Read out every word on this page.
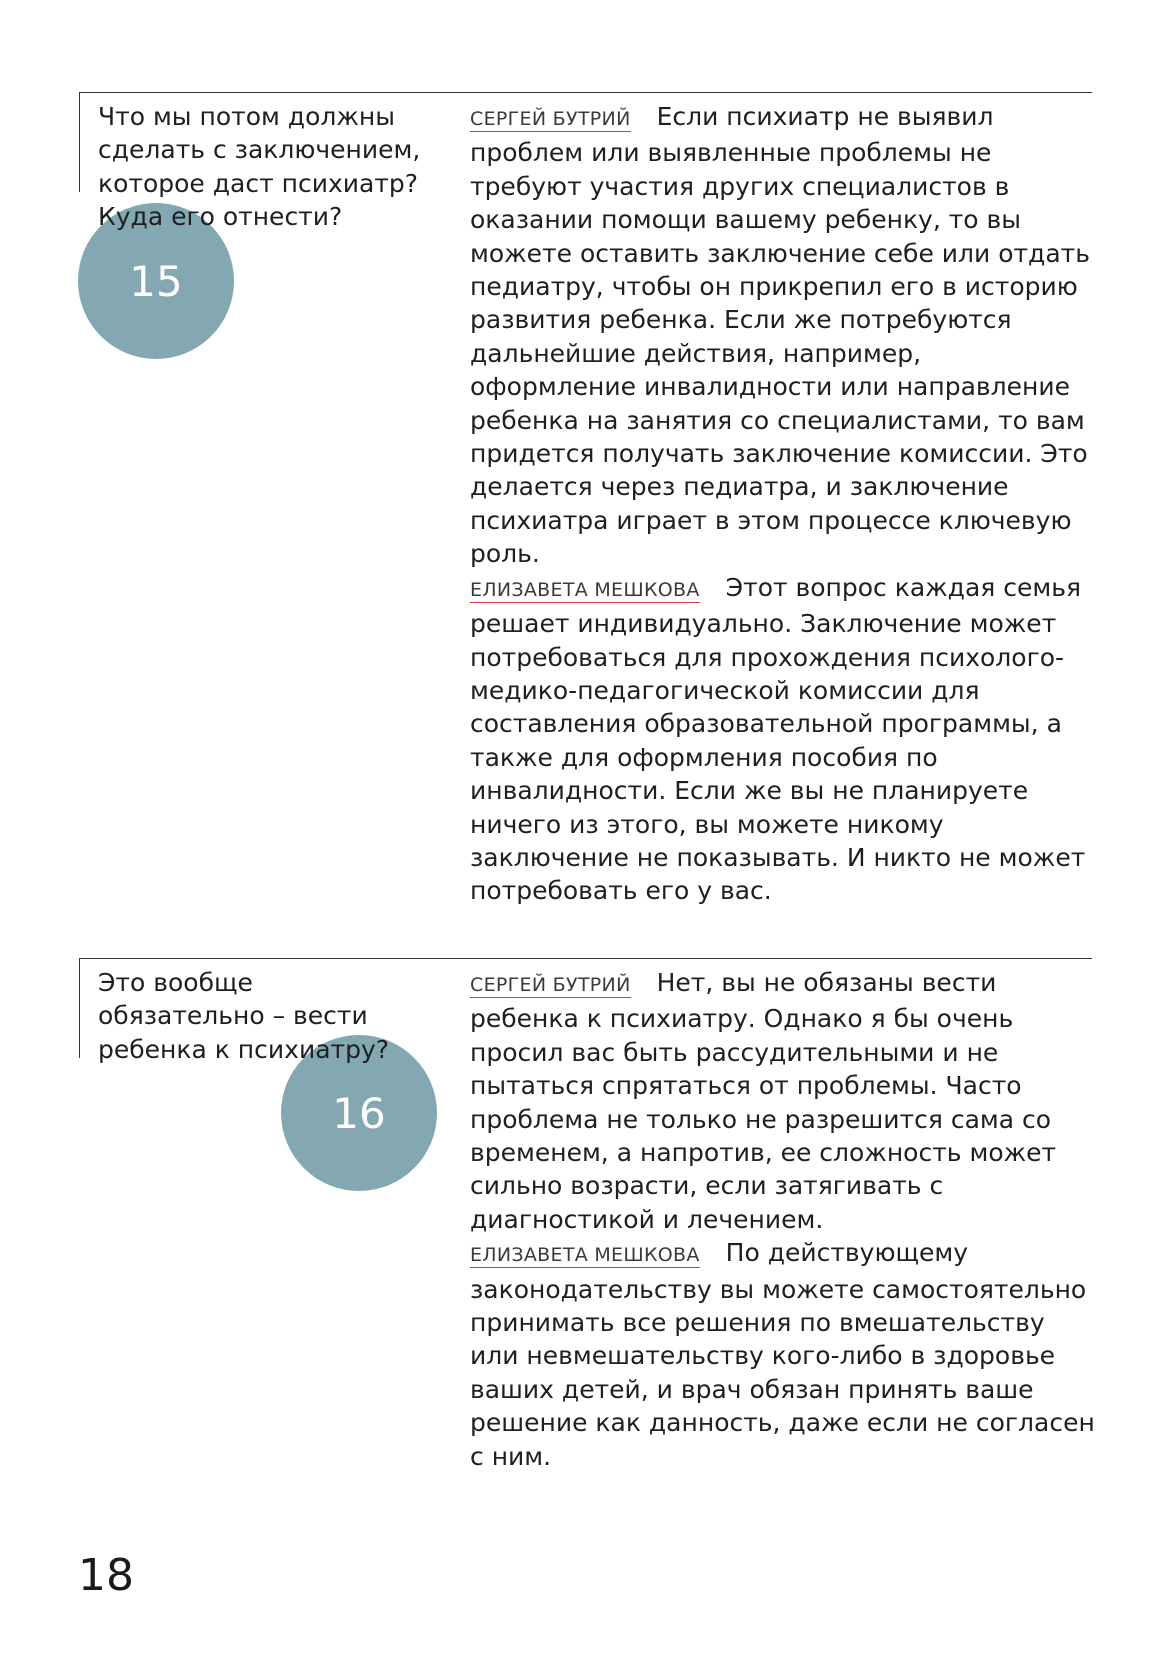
15

Что мы потом должны
сделать с заключением,
которое даст психиатр?
Куда его отнести?

СЕРГЕЙ БУТРИЙ Если психиатр не выявил проблем или выявленные проблемы не требуют участия других специалистов в оказании помощи вашему ребенку, то вы можете оставить заключение себе или отдать педиатру, чтобы он прикрепил его в историю развития ребенка. Если же потребуются дальнейшие действия, например, оформление инвалидности или направление ребенка на занятия со специалистами, то вам придется получать заключение комиссии. Это делается через педиатра, и заключение психиатра играет в этом процессе ключевую роль.

ЕЛИЗАВЕТА МЕШКОВА Этот вопрос каждая семья решает индивидуально. Заключение может потребоваться для прохождения психолого-медико-педагогической комиссии для составления образовательной программы, а также для оформления пособия по инвалидности. Если же вы не планируете ничего из этого, вы можете никому заключение не показывать. И никто не может потребовать его у вас.

16

Это вообще
обязательно – вести
ребенка к психиатру?

СЕРГЕЙ БУТРИЙ Нет, вы не обязаны вести ребенка к психиатру. Однако я бы очень просил вас быть рассудительными и не пытаться спрятаться от проблемы. Часто проблема не только не разрешится сама со временем, а напротив, ее сложность может сильно возрасти, если затягивать с диагностикой и лечением.

ЕЛИЗАВЕТА МЕШКОВА По действующему законодательству вы можете самостоятельно принимать все решения по вмешательству или невмешательству кого-либо в здоровье ваших детей, и врач обязан принять ваше решение как данность, даже если не согласен с ним.

18
